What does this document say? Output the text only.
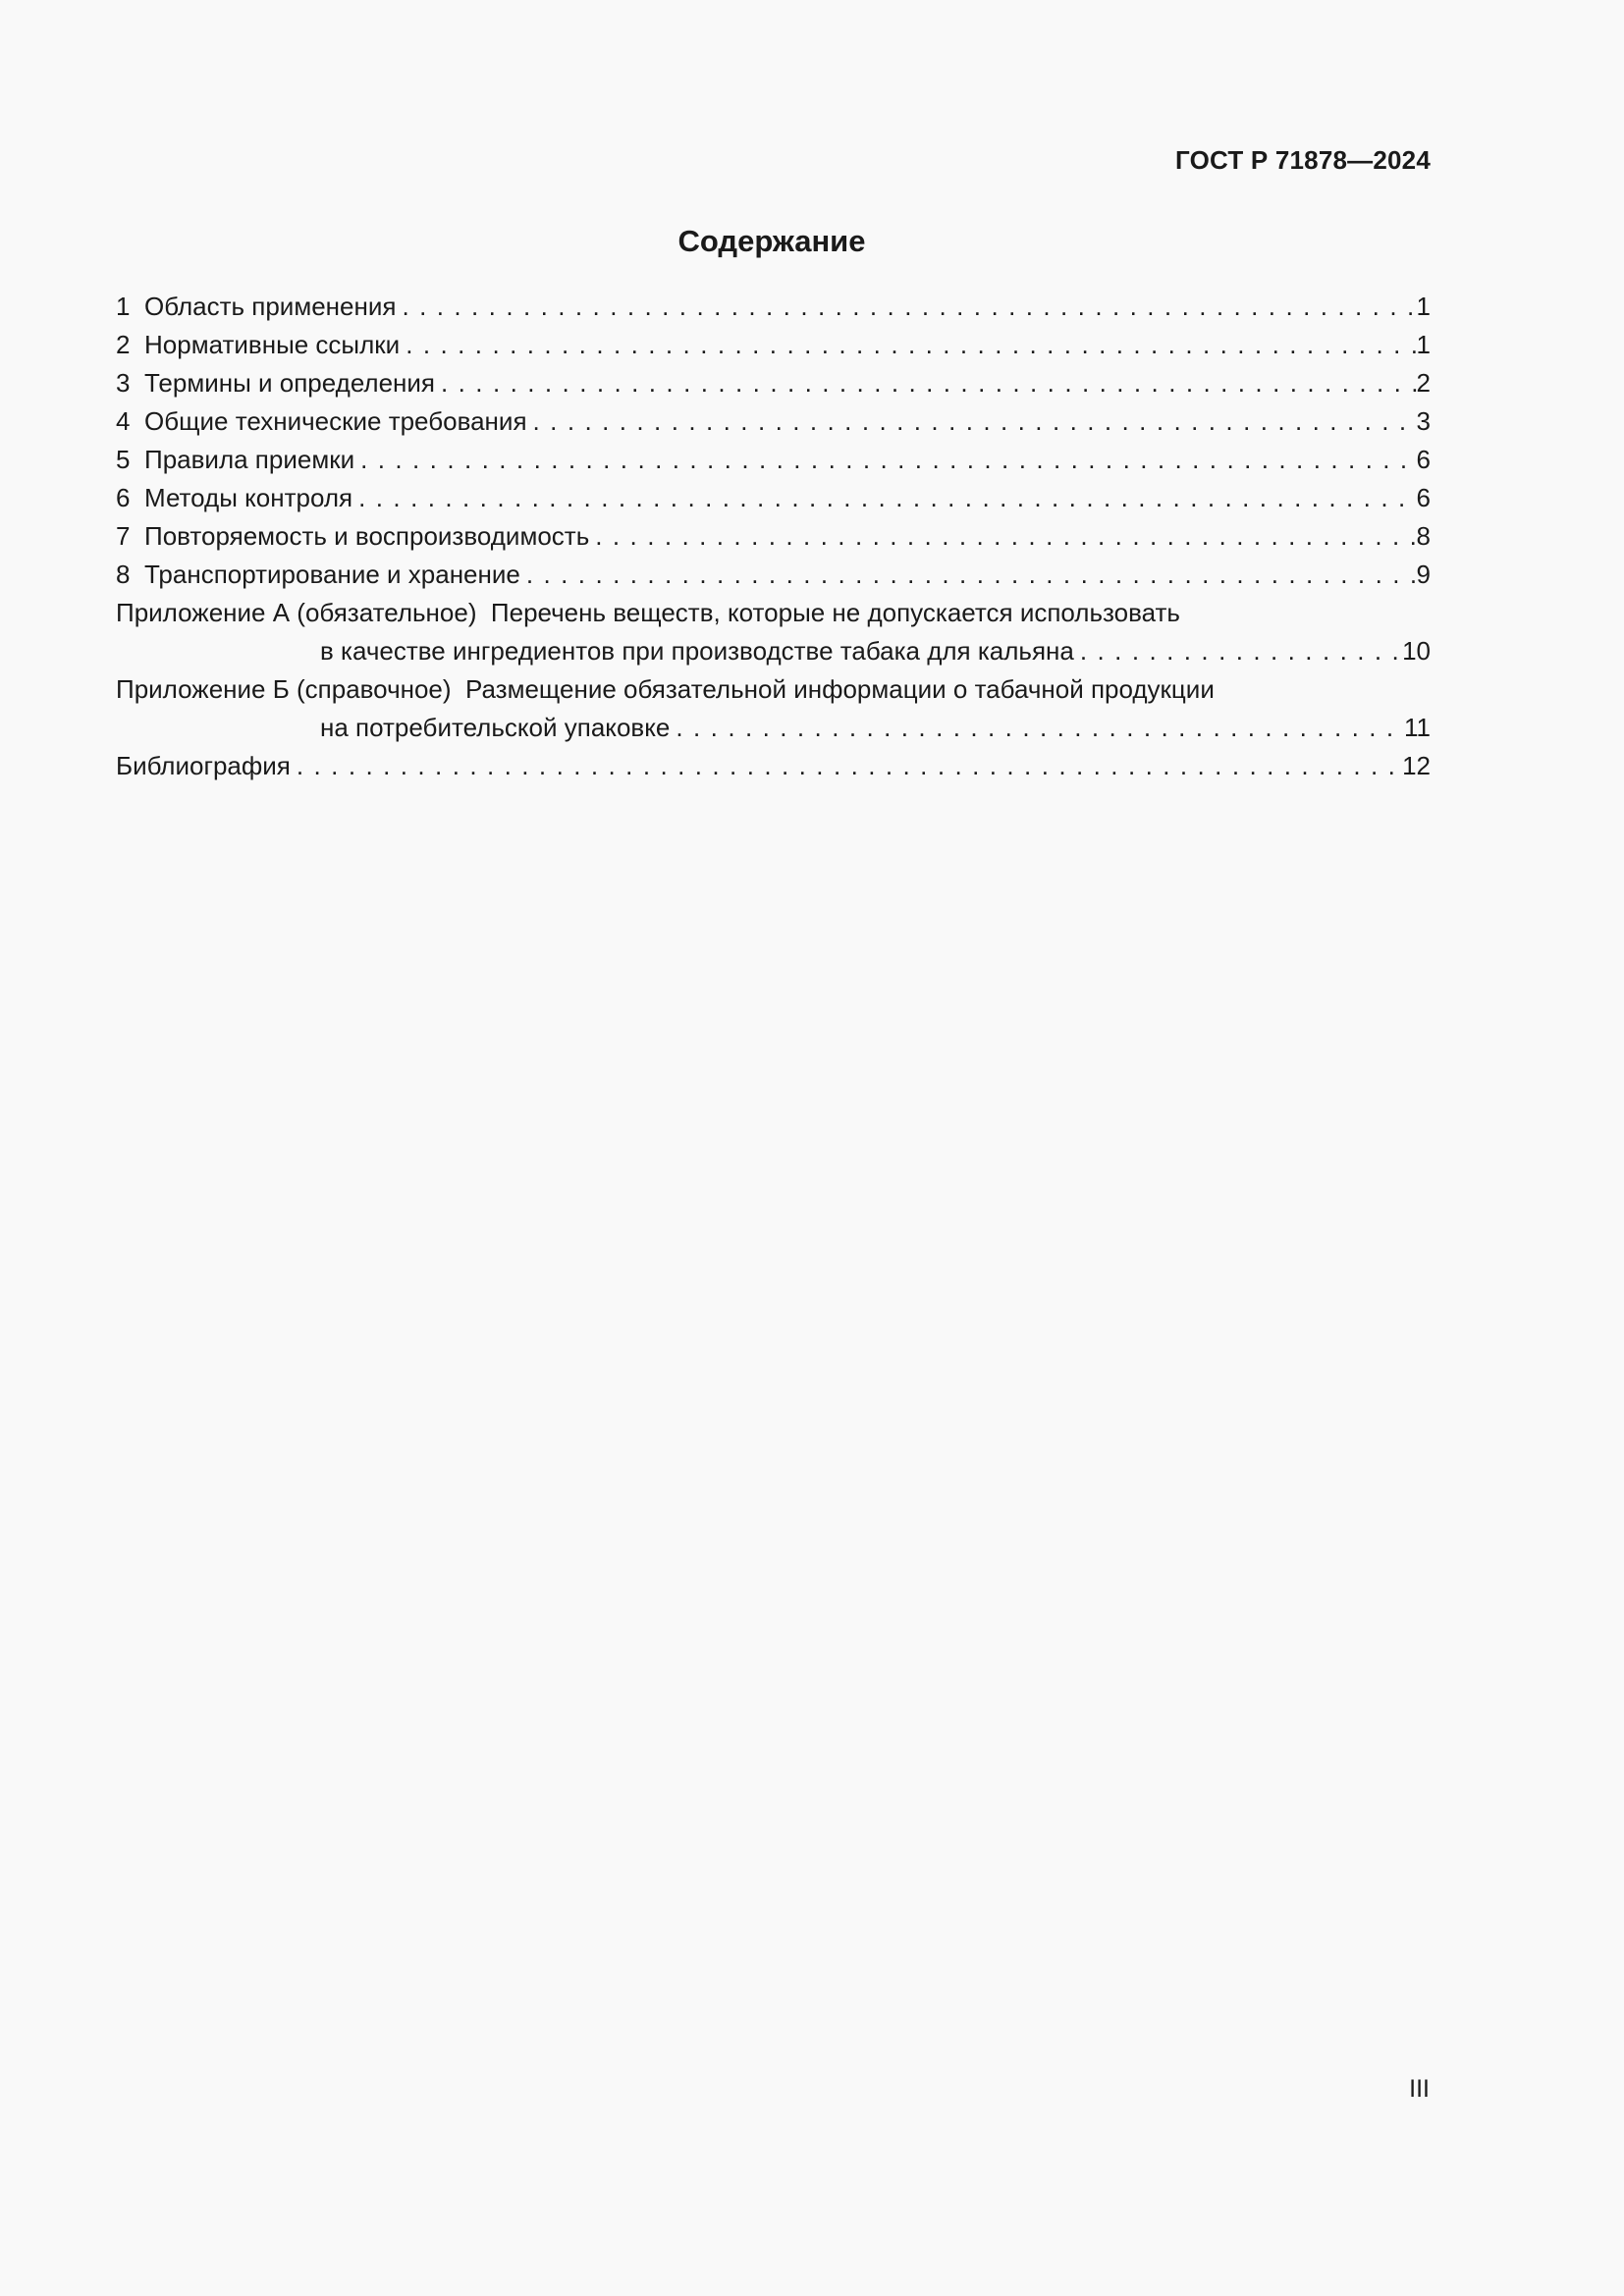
ГОСТ Р 71878—2024
Содержание
1 Область применения . . .	1
2 Нормативные ссылки . . .	1
3 Термины и определения . . .	2
4 Общие технические требования . . .	3
5 Правила приемки . . .	6
6 Методы контроля . . .	6
7 Повторяемость и воспроизводимость . . .	8
8 Транспортирование и хранение . . .	9
Приложение А (обязательное)  Перечень веществ, которые не допускается использовать
в качестве ингредиентов при производстве табака для кальяна . . .	10
Приложение Б (справочное)  Размещение обязательной информации о табачной продукции
на потребительской упаковке . . .	11
Библиография . . .	12
III
